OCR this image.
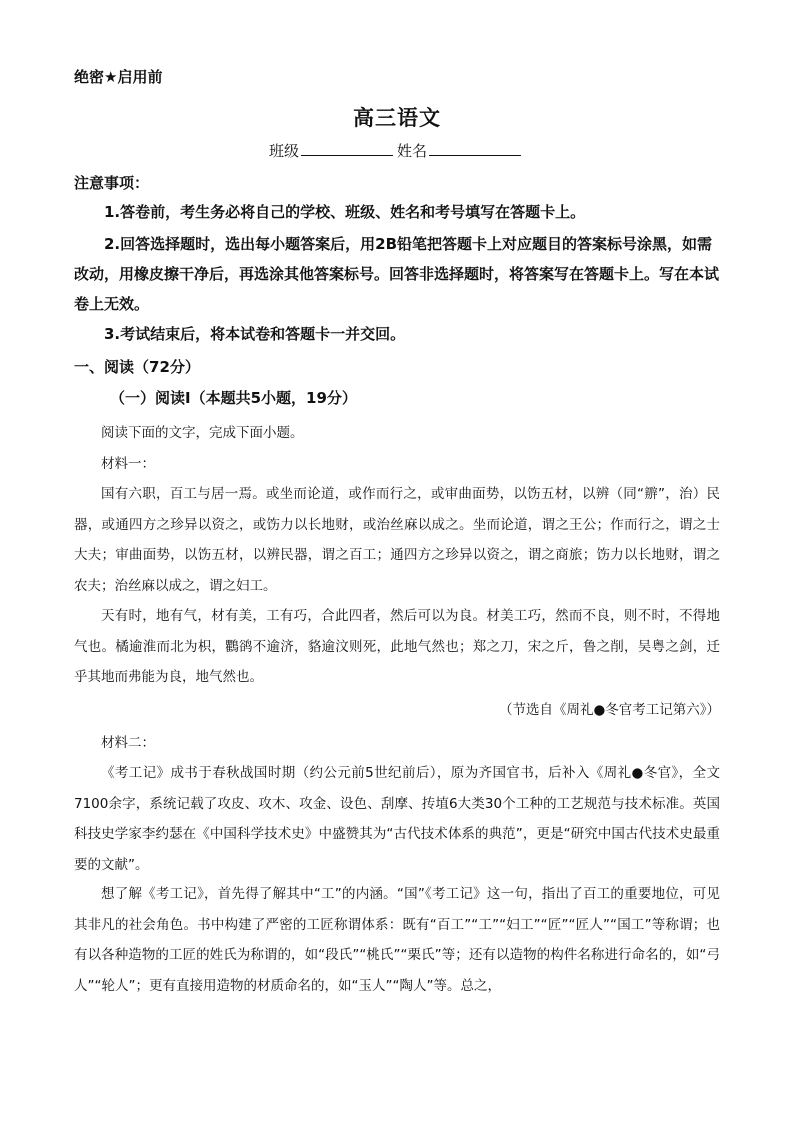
绝密★启用前
高三语文
班级	姓名
注意事项：
1.答卷前，考生务必将自己的学校、班级、姓名和考号填写在答题卡上。
2.回答选择题时，选出每小题答案后，用2B铅笔把答题卡上对应题目的答案标号涂黑，如需改动，用橡皮擦干净后，再选涂其他答案标号。回答非选择题时，将答案写在答题卡上。写在本试卷上无效。
3.考试结束后，将本试卷和答题卡一并交回。
一、阅读（72分）
（一）阅读Ⅰ（本题共5小题，19分）
阅读下面的文字，完成下面小题。
材料一：
国有六职，百工与居一焉。或坐而论道，或作而行之，或审曲面势，以饬五材，以辨（同“辧”，治）民器，或通四方之珍异以资之，或饬力以长地财，或治丝麻以成之。坐而论道，谓之王公；作而行之，谓之士大夫；审曲面势，以饬五材，以辨民器，谓之百工；通四方之珍异以资之，谓之商旅；饬力以长地财，谓之农夫；治丝麻以成之，谓之妇工。
天有时，地有气，材有美，工有巧，合此四者，然后可以为良。材美工巧，然而不良，则不时，不得地气也。橘逾淮而北为枳，鸜鹆不逾济，貉逾汶则死，此地气然也；郑之刀，宋之斤，鲁之削，吴粤之剑，迁乎其地而弗能为良，地气然也。
（节选自《周礼●冬官考工记第六》）
材料二：
《考工记》成书于春秋战国时期（约公元前5世纪前后），原为齐国官书，后补入《周礼●冬官》，全文7100余字，系统记载了攻皮、攻木、攻金、设色、刮摩、抟埴6大类30个工种的工艺规范与技术标准。英国科技史学家李约瑟在《中国科学技术史》中盛赞其为“古代技术体系的典范”，更是“研究中国古代技术史最重要的文献”。
想了解《考工记》，首先得了解其中“工”的内涵。“国”《考工记》这一句，指出了百工的重要地位，可见其非凡的社会角色。书中构建了严密的工匠称谓体系：既有“百工”“工”“妇工”“匠”“匠人”“国工”等称谓；也有以各种造物的工匠的姓氏为称谓的，如“段氏”“桃氏”“栗氏”等；还有以造物的构件名称进行命名的，如“弓人”“轮人”；更有直接用造物的材质命名的，如“玉人”“陶人”等。总之，
